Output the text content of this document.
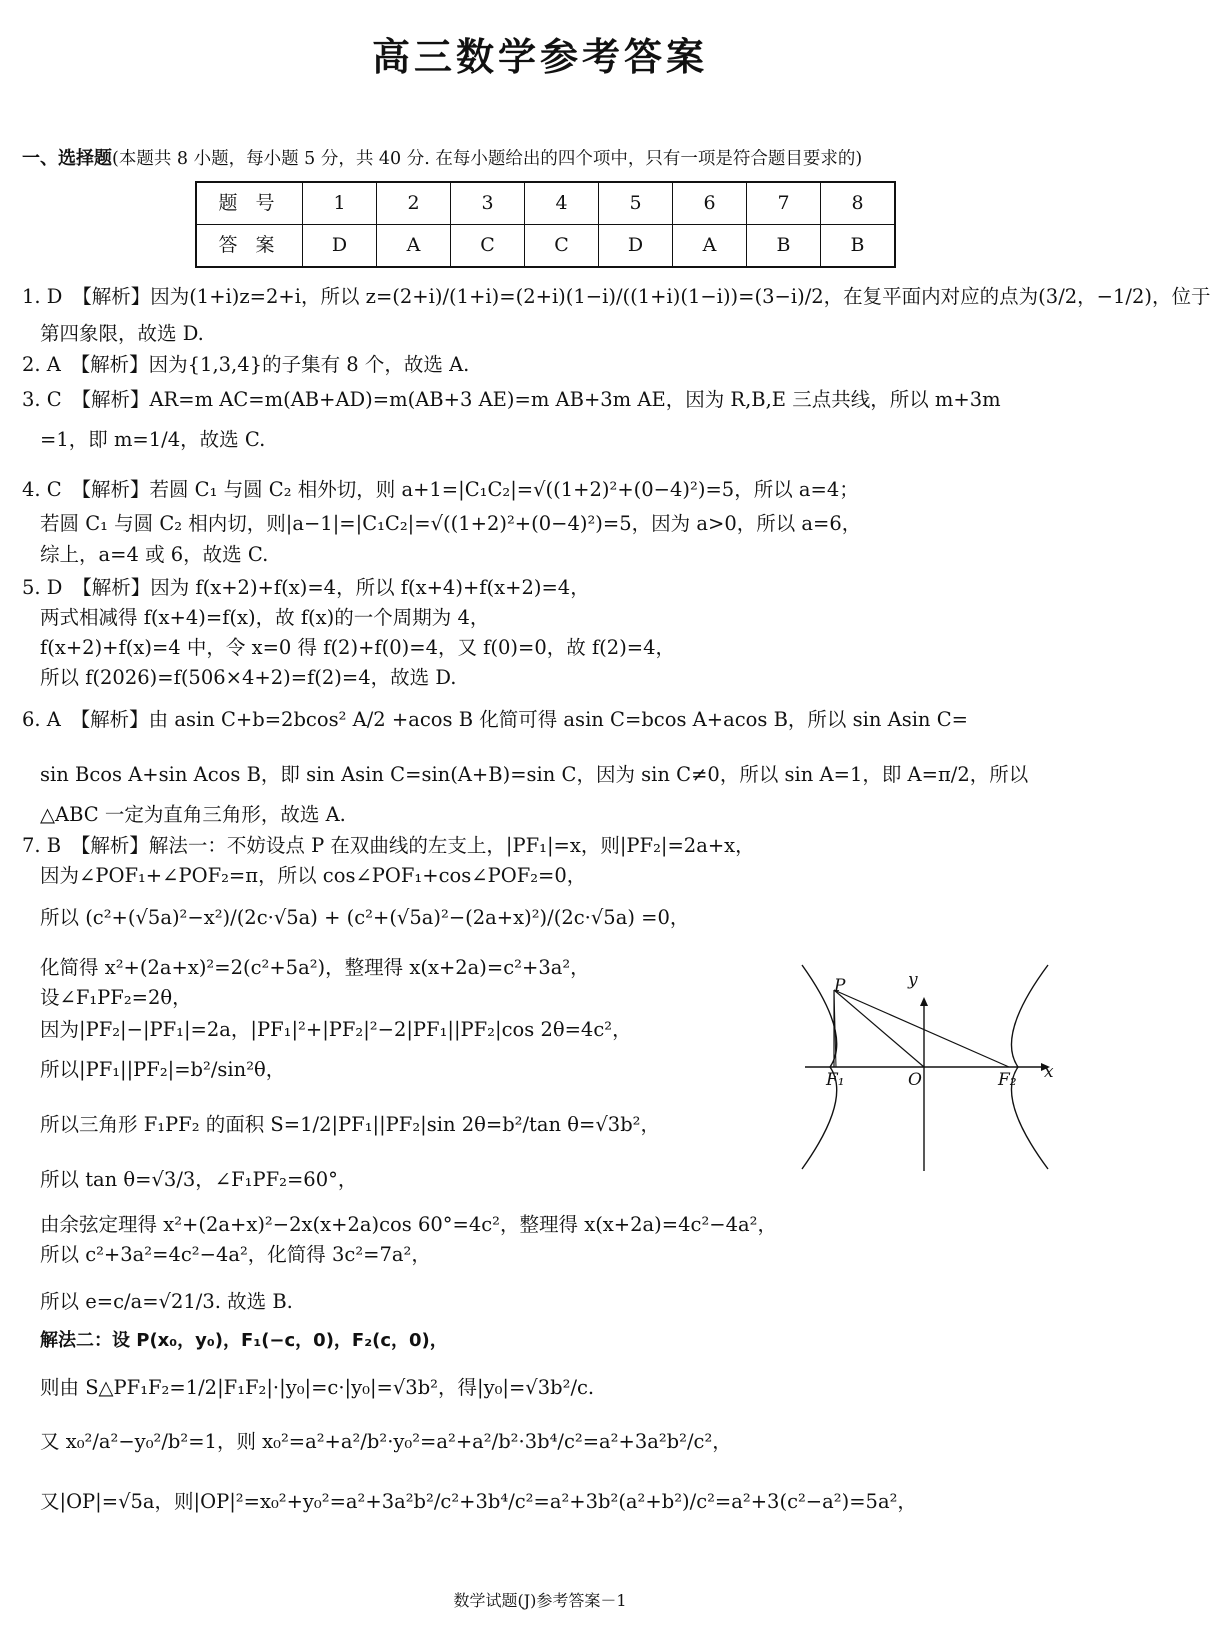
高三数学参考答案
一、选择题(本题共 8 小题，每小题 5 分，共 40 分. 在每小题给出的四个项中，只有一项是符合题目要求的)
题 号	1	2	3	4	5	6	7	8
答 案	D	A	C	C	D	A	B	B
1. D　【解析】因为(1+i)z=2+i，所以 z=(2+i)/(1+i)=(2+i)(1−i)/((1+i)(1−i))=(3−i)/2，在复平面内对应的点为(3/2，−1/2)，位于
第四象限，故选 D.
2. A　【解析】因为{1,3,4}的子集有 8 个，故选 A.
3. C　【解析】AR=m AC=m(AB+AD)=m(AB+3 AE)=m AB+3m AE，因为 R,B,E 三点共线，所以 m+3m
=1，即 m=1/4，故选 C.
4. C　【解析】若圆 C₁ 与圆 C₂ 相外切，则 a+1=|C₁C₂|=√((1+2)²+(0−4)²)=5，所以 a=4；
若圆 C₁ 与圆 C₂ 相内切，则|a−1|=|C₁C₂|=√((1+2)²+(0−4)²)=5，因为 a>0，所以 a=6，
综上，a=4 或 6，故选 C.
5. D　【解析】因为 f(x+2)+f(x)=4，所以 f(x+4)+f(x+2)=4，
两式相减得 f(x+4)=f(x)，故 f(x)的一个周期为 4，
f(x+2)+f(x)=4 中，令 x=0 得 f(2)+f(0)=4，又 f(0)=0，故 f(2)=4，
所以 f(2026)=f(506×4+2)=f(2)=4，故选 D.
6. A　【解析】由 asin C+b=2bcos² A/2 +acos B 化简可得 asin C=bcos A+acos B，所以 sin Asin C=
sin Bcos A+sin Acos B，即 sin Asin C=sin(A+B)=sin C，因为 sin C≠0，所以 sin A=1，即 A=π/2，所以
△ABC 一定为直角三角形，故选 A.
7. B　【解析】解法一：不妨设点 P 在双曲线的左支上，|PF₁|=x，则|PF₂|=2a+x，
因为∠POF₁+∠POF₂=π，所以 cos∠POF₁+cos∠POF₂=0，
所以 (c²+(√5a)²−x²)/(2c·√5a) + (c²+(√5a)²−(2a+x)²)/(2c·√5a) =0，
化简得 x²+(2a+x)²=2(c²+5a²)，整理得 x(x+2a)=c²+3a²，
设∠F₁PF₂=2θ，
因为|PF₂|−|PF₁|=2a，|PF₁|²+|PF₂|²−2|PF₁||PF₂|cos 2θ=4c²，
所以|PF₁||PF₂|=b²/sin²θ，
所以三角形 F₁PF₂ 的面积 S=1/2|PF₁||PF₂|sin 2θ=b²/tan θ=√3b²，
所以 tan θ=√3/3，∠F₁PF₂=60°，
由余弦定理得 x²+(2a+x)²−2x(x+2a)cos 60°=4c²，整理得 x(x+2a)=4c²−4a²，
所以 c²+3a²=4c²−4a²，化简得 3c²=7a²，
所以 e=c/a=√21/3. 故选 B.
解法二：设 P(x₀，y₀)，F₁(−c，0)，F₂(c，0)，
则由 S△PF₁F₂=1/2|F₁F₂|·|y₀|=c·|y₀|=√3b²，得|y₀|=√3b²/c.
又 x₀²/a²−y₀²/b²=1，则 x₀²=a²+a²/b²·y₀²=a²+a²/b²·3b⁴/c²=a²+3a²b²/c²，
又|OP|=√5a，则|OP|²=x₀²+y₀²=a²+3a²b²/c²+3b⁴/c²=a²+3b²(a²+b²)/c²=a²+3(c²−a²)=5a²，
P	y
F₁	O	F₂ x
数学试题(J)参考答案－1
